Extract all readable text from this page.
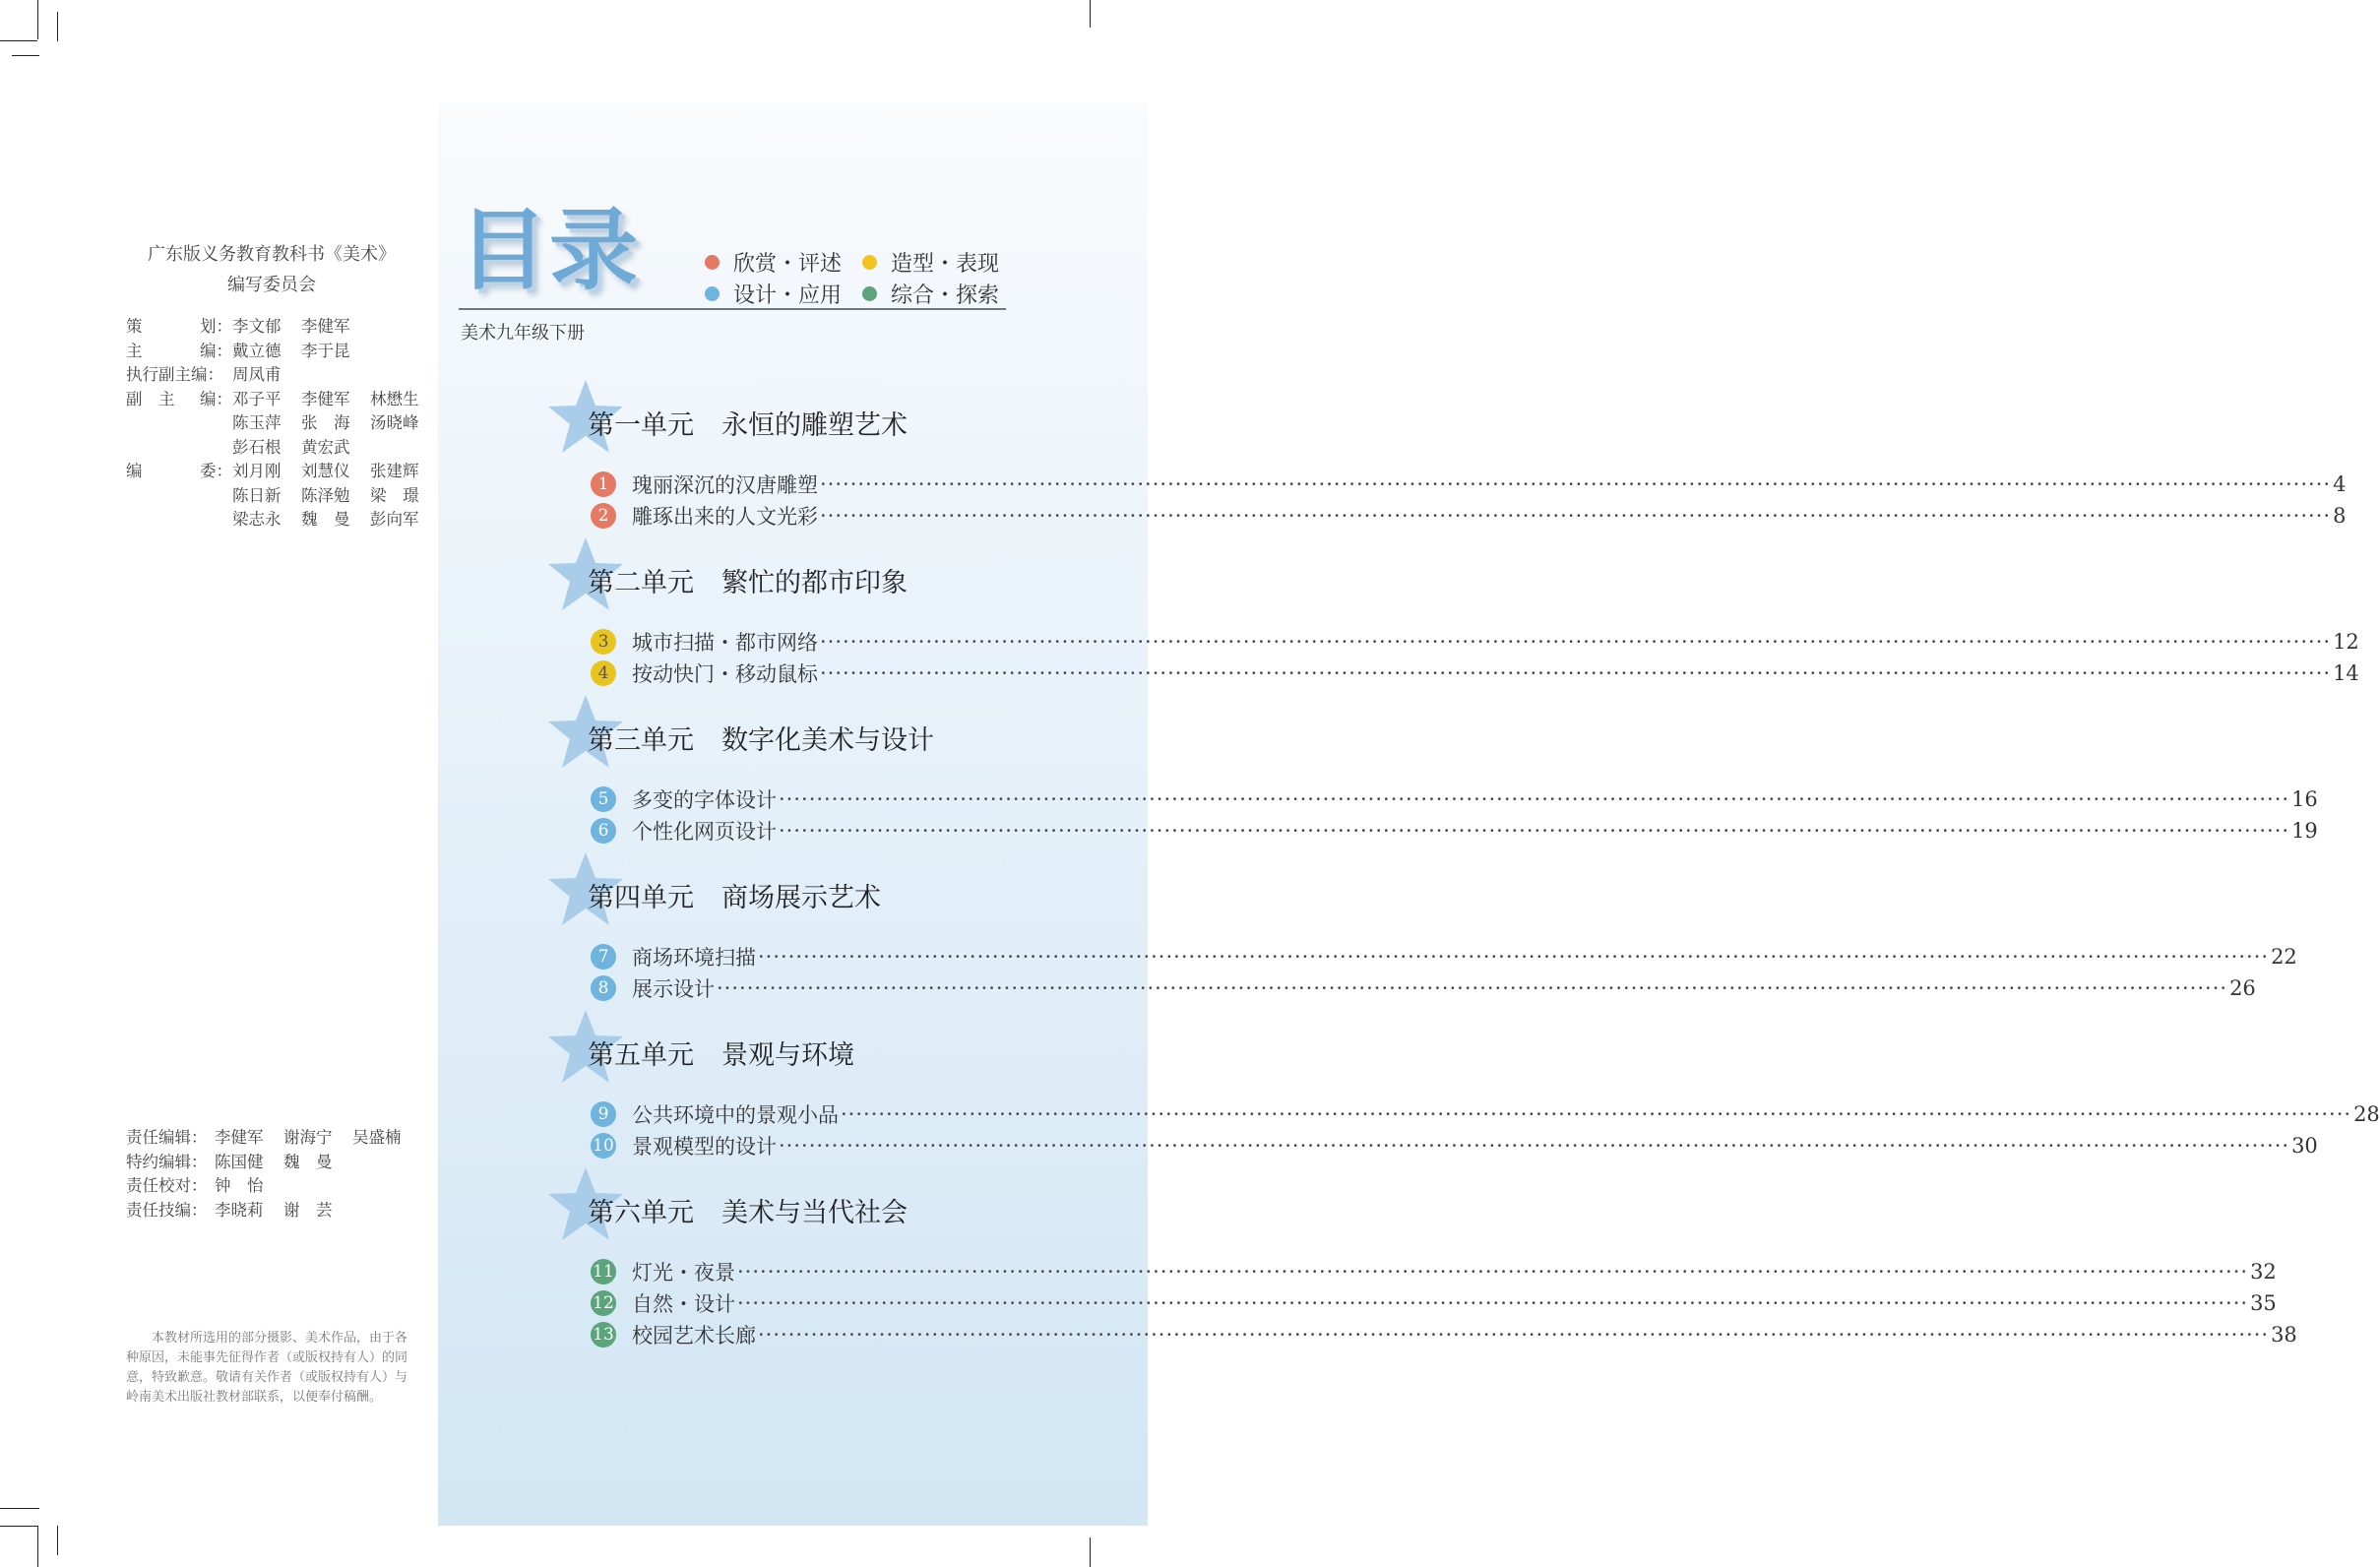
广东版义务教育教科书《美术》
编写委员会
策	划： 李文郁	李健军
主	编： 戴立德	李于昆
执行副主编： 周凤甫
副　主 编： 邓子平	李健军	林懋生
陈玉萍	张　海	汤晓峰
彭石根	黄宏武
编	委： 刘月刚	刘慧仪	张建辉
陈日新	陈泽勉	梁　璟
梁志永	魏　曼	彭向军
责任编辑： 李健军	谢海宁	吴盛楠
特约编辑： 陈国健	魏　曼
责任校对： 钟　怡
责任技编： 李晓莉	谢　芸
本教材所选用的部分摄影、美术作品，由于各种原因，未能事先征得作者（或版权持有人）的同意，特致歉意。敬请有关作者（或版权持有人）与岭南美术出版社教材部联系，以便奉付稿酬。
目录	欣赏・评述 造型・表现
设计・应用 综合・探索
美术九年级下册
第一单元 永恒的雕塑艺术
1	瑰丽深沉的汉唐雕塑 ········································································································································································································ 4
2	雕琢出来的人文光彩 ········································································································································································································ 8
第二单元 繁忙的都市印象
3	城市扫描・都市网络 ········································································································································································································ 12
4	按动快门・移动鼠标 ········································································································································································································ 14
第三单元 数字化美术与设计
5	多变的字体设计 ········································································································································································································ 16
6	个性化网页设计 ········································································································································································································ 19
第四单元 商场展示艺术
7	商场环境扫描 ········································································································································································································ 22
8	展示设计 ········································································································································································································ 26
第五单元 景观与环境
9	公共环境中的景观小品 ········································································································································································································ 28
10 景观模型的设计 ········································································································································································································ 30
第六单元 美术与当代社会
11 灯光・夜景 ········································································································································································································ 32
12 自然・设计 ········································································································································································································ 35
13 校园艺术长廊 ········································································································································································································ 38
